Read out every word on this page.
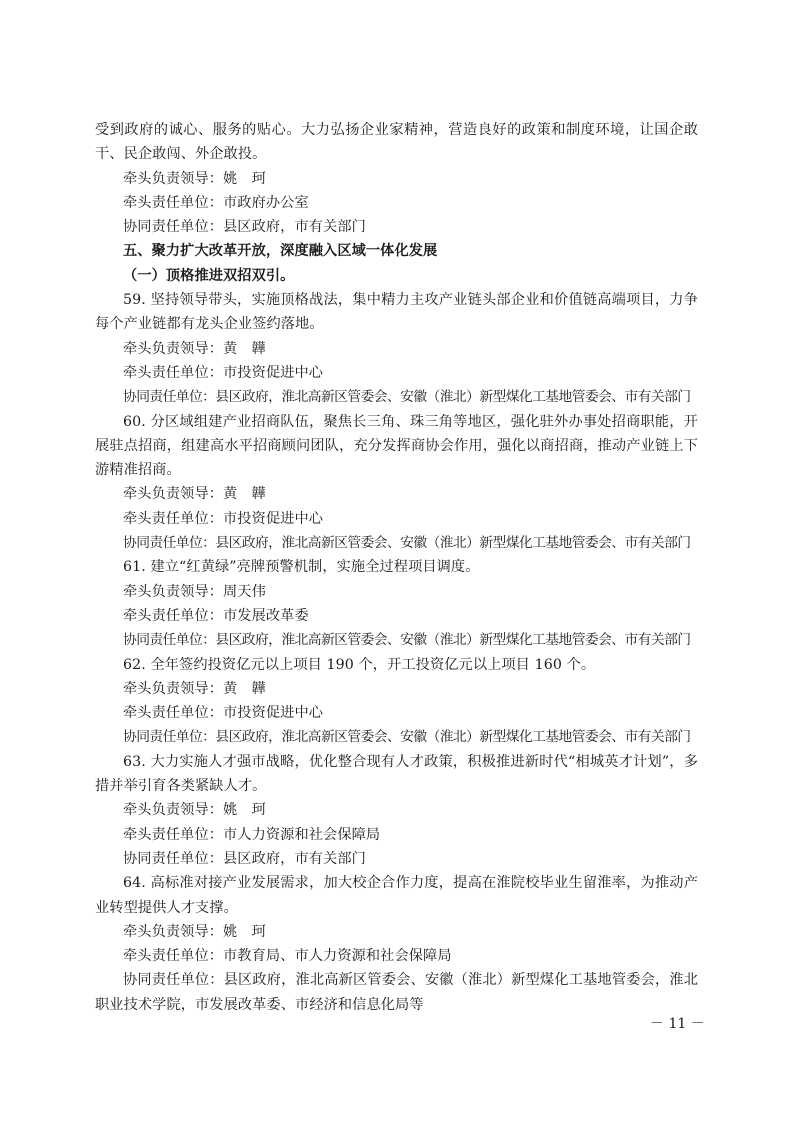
受到政府的诚心、服务的贴心。大力弘扬企业家精神，营造良好的政策和制度环境，让国企敢干、民企敢闯、外企敢投。

牵头负责领导：姚　珂

牵头责任单位：市政府办公室

协同责任单位：县区政府，市有关部门

五、聚力扩大改革开放，深度融入区域一体化发展

（一）顶格推进双招双引。

59. 坚持领导带头，实施顶格战法，集中精力主攻产业链头部企业和价值链高端项目，力争每个产业链都有龙头企业签约落地。

牵头负责领导：黄　韡

牵头责任单位：市投资促进中心

协同责任单位：县区政府，淮北高新区管委会、安徽（淮北）新型煤化工基地管委会、市有关部门

60. 分区域组建产业招商队伍，聚焦长三角、珠三角等地区，强化驻外办事处招商职能，开展驻点招商，组建高水平招商顾问团队，充分发挥商协会作用，强化以商招商，推动产业链上下游精准招商。

牵头负责领导：黄　韡

牵头责任单位：市投资促进中心

协同责任单位：县区政府，淮北高新区管委会、安徽（淮北）新型煤化工基地管委会、市有关部门

61. 建立“红黄绿”亮牌预警机制，实施全过程项目调度。

牵头负责领导：周天伟

牵头责任单位：市发展改革委

协同责任单位：县区政府，淮北高新区管委会、安徽（淮北）新型煤化工基地管委会、市有关部门

62. 全年签约投资亿元以上项目 190 个，开工投资亿元以上项目 160 个。

牵头负责领导：黄　韡

牵头责任单位：市投资促进中心

协同责任单位：县区政府，淮北高新区管委会、安徽（淮北）新型煤化工基地管委会、市有关部门

63. 大力实施人才强市战略，优化整合现有人才政策，积极推进新时代“相城英才计划”，多措并举引育各类紧缺人才。

牵头负责领导：姚　珂

牵头责任单位：市人力资源和社会保障局

协同责任单位：县区政府，市有关部门

64. 高标准对接产业发展需求，加大校企合作力度，提高在淮院校毕业生留淮率，为推动产业转型提供人才支撑。

牵头负责领导：姚　珂

牵头责任单位：市教育局、市人力资源和社会保障局

协同责任单位：县区政府，淮北高新区管委会、安徽（淮北）新型煤化工基地管委会，淮北职业技术学院，市发展改革委、市经济和信息化局等

－ 11 －
